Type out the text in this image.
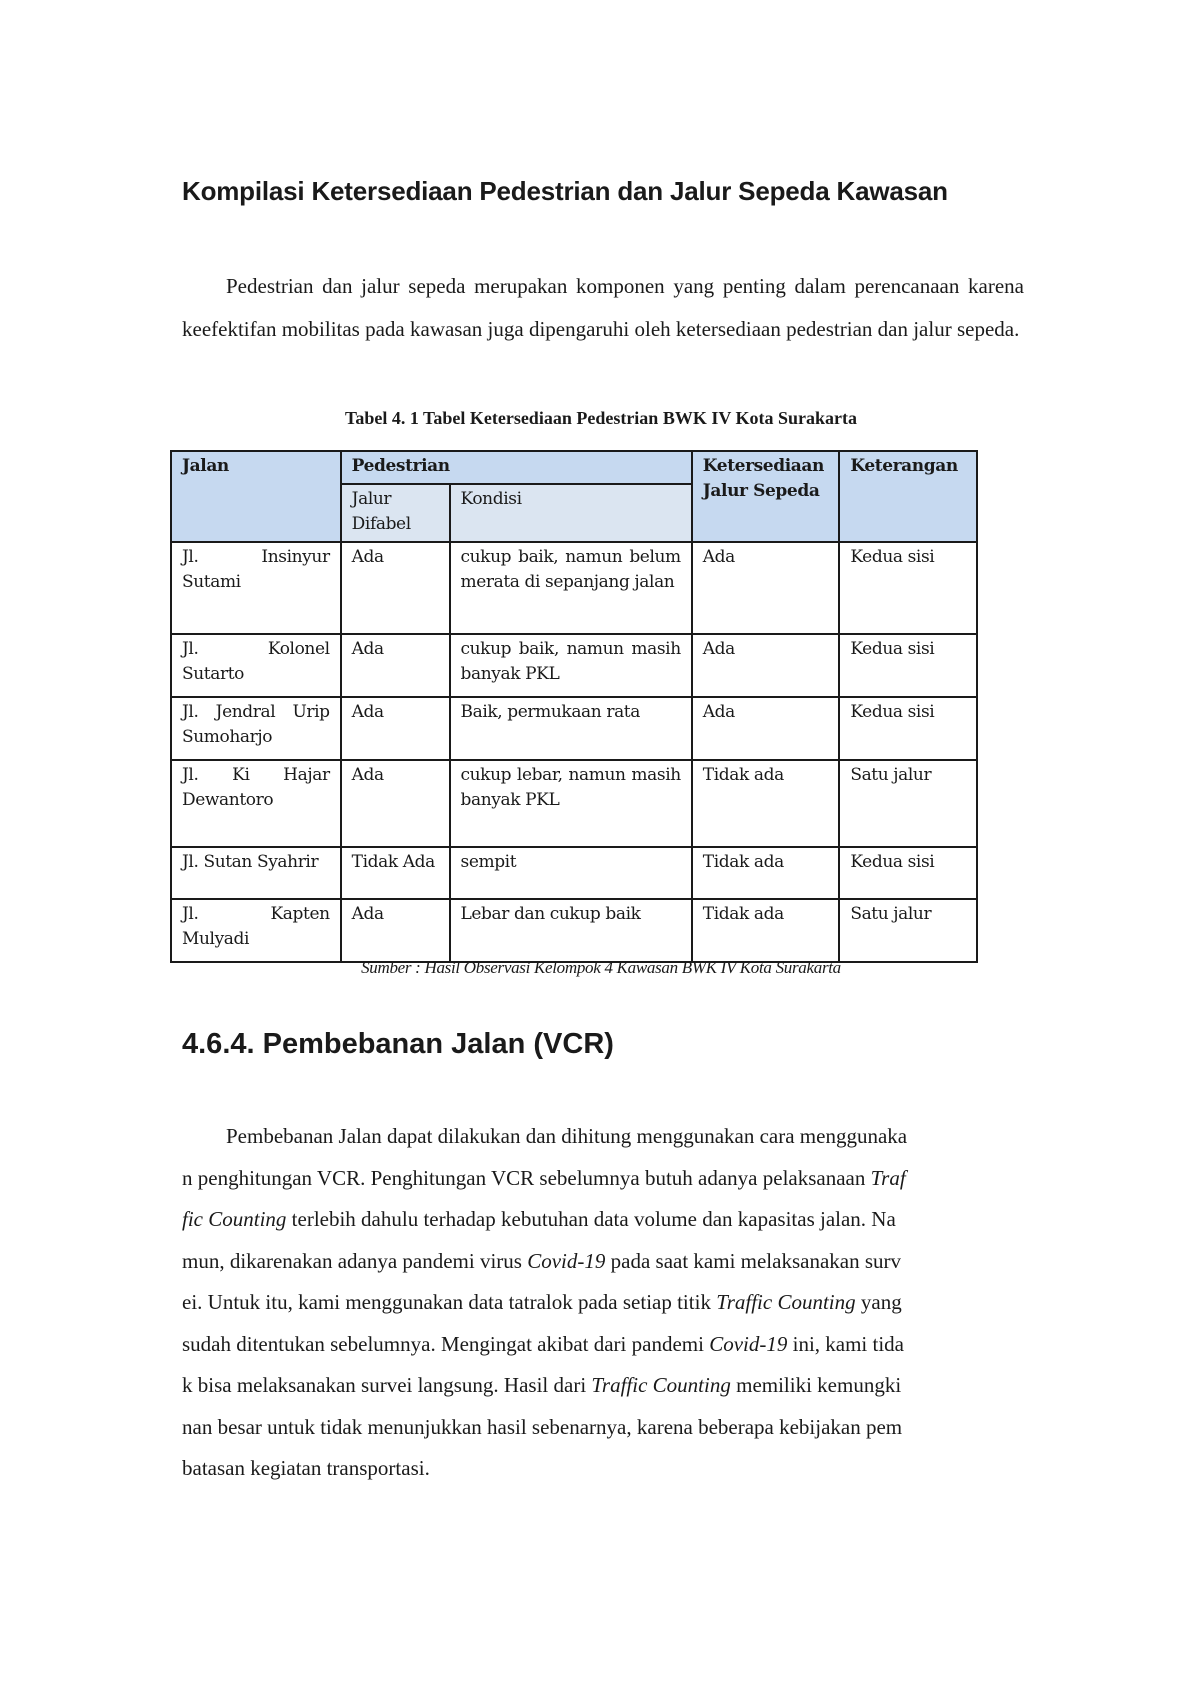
Kompilasi Ketersediaan Pedestrian dan Jalur Sepeda Kawasan

Pedestrian dan jalur sepeda merupakan komponen yang penting dalam perencanaan karena keefektifan mobilitas pada kawasan juga dipengaruhi oleh ketersediaan pedestrian dan jalur sepeda.

Tabel 4. 1 Tabel Ketersediaan Pedestrian BWK IV Kota Surakarta

Jalan	Pedestrian		Ketersediaan Jalur Sepeda	Keterangan
	Jalur Difabel	Kondisi		
Jl. Insinyur Sutami	Ada	cukup baik, namun belum merata di sepanjang jalan	Ada	Kedua sisi
Jl. Kolonel Sutarto	Ada	cukup baik, namun masih banyak PKL	Ada	Kedua sisi
Jl. Jendral Urip Sumoharjo	Ada	Baik, permukaan rata	Ada	Kedua sisi
Jl. Ki Hajar Dewantoro	Ada	cukup lebar, namun masih banyak PKL	Tidak ada	Satu jalur
Jl. Sutan Syahrir	Tidak Ada	sempit	Tidak ada	Kedua sisi
Jl. Kapten Mulyadi	Ada	Lebar dan cukup baik	Tidak ada	Satu jalur

Sumber : Hasil Observasi Kelompok 4 Kawasan BWK IV Kota Surakarta

4.6.4. Pembebanan Jalan (VCR)

Pembebanan Jalan dapat dilakukan dan dihitung menggunakan cara menggunaka
n penghitungan VCR. Penghitungan VCR sebelumnya butuh adanya pelaksanaan Traf
fic Counting terlebih dahulu terhadap kebutuhan data volume dan kapasitas jalan. Na
mun, dikarenakan adanya pandemi virus Covid-19 pada saat kami melaksanakan surv
ei. Untuk itu, kami menggunakan data tatralok pada setiap titik Traffic Counting yang
sudah ditentukan sebelumnya. Mengingat akibat dari pandemi Covid-19 ini, kami tida
k bisa melaksanakan survei langsung. Hasil dari Traffic Counting memiliki kemungki
nan besar untuk tidak menunjukkan hasil sebenarnya, karena beberapa kebijakan pem
batasan kegiatan transportasi.
